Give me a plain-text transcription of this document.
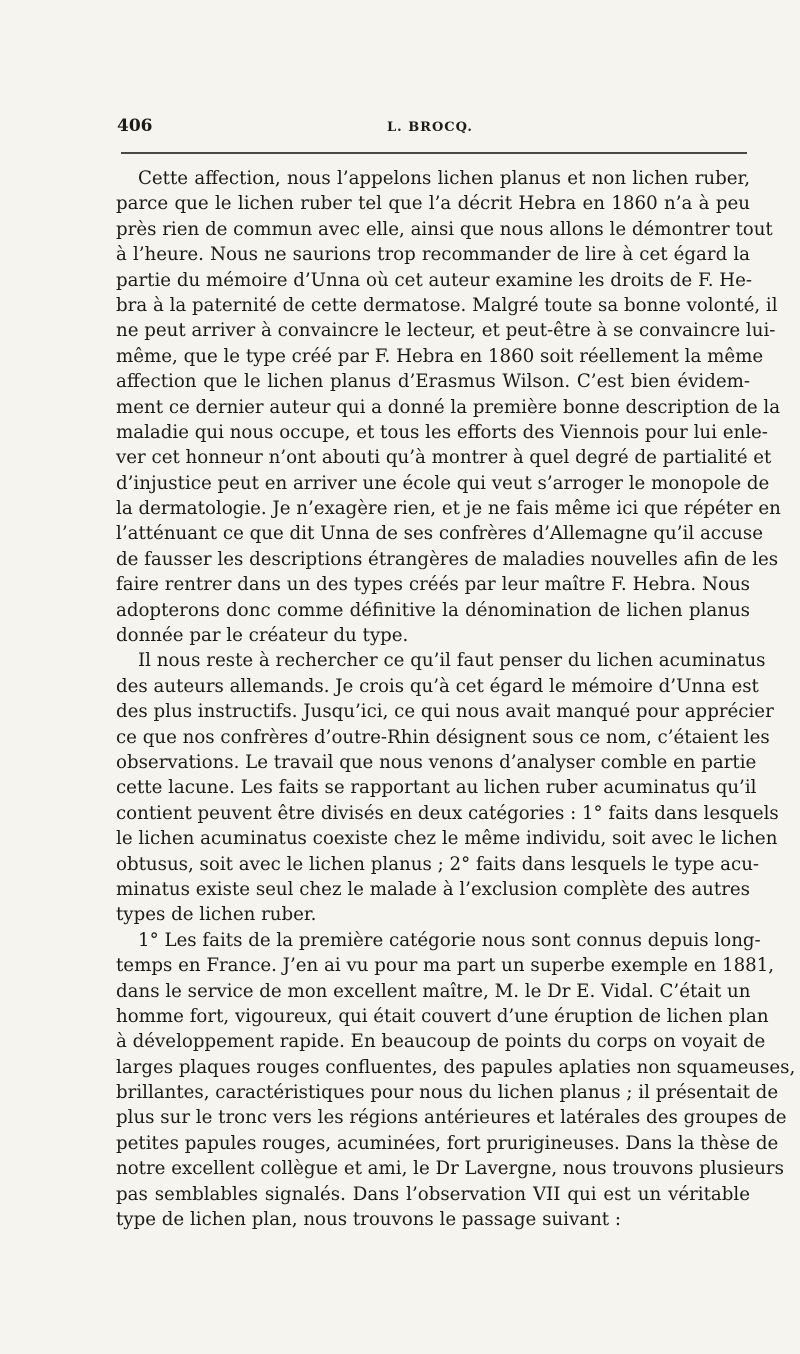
406	L. BROCQ.
Cette affection, nous l’appelons lichen planus et non lichen ruber,
parce que le lichen ruber tel que l’a décrit Hebra en 1860 n’a à peu
près rien de commun avec elle, ainsi que nous allons le démontrer tout
à l’heure. Nous ne saurions trop recommander de lire à cet égard la
partie du mémoire d’Unna où cet auteur examine les droits de F. He-
bra à la paternité de cette dermatose. Malgré toute sa bonne volonté, il
ne peut arriver à convaincre le lecteur, et peut-être à se convaincre lui-
même, que le type créé par F. Hebra en 1860 soit réellement la même
affection que le lichen planus d’Erasmus Wilson. C’est bien évidem-
ment ce dernier auteur qui a donné la première bonne description de la
maladie qui nous occupe, et tous les efforts des Viennois pour lui enle-
ver cet honneur n’ont abouti qu’à montrer à quel degré de partialité et
d’injustice peut en arriver une école qui veut s’arroger le monopole de
la dermatologie. Je n’exagère rien, et je ne fais même ici que répéter en
l’atténuant ce que dit Unna de ses confrères d’Allemagne qu’il accuse
de fausser les descriptions étrangères de maladies nouvelles afin de les
faire rentrer dans un des types créés par leur maître F. Hebra. Nous
adopterons donc comme définitive la dénomination de lichen planus
donnée par le créateur du type.
Il nous reste à rechercher ce qu’il faut penser du lichen acuminatus
des auteurs allemands. Je crois qu’à cet égard le mémoire d’Unna est
des plus instructifs. Jusqu’ici, ce qui nous avait manqué pour apprécier
ce que nos confrères d’outre-Rhin désignent sous ce nom, c’étaient les
observations. Le travail que nous venons d’analyser comble en partie
cette lacune. Les faits se rapportant au lichen ruber acuminatus qu’il
contient peuvent être divisés en deux catégories : 1° faits dans lesquels
le lichen acuminatus coexiste chez le même individu, soit avec le lichen
obtusus, soit avec le lichen planus ; 2° faits dans lesquels le type acu-
minatus existe seul chez le malade à l’exclusion complète des autres
types de lichen ruber.
1° Les faits de la première catégorie nous sont connus depuis long-
temps en France. J’en ai vu pour ma part un superbe exemple en 1881,
dans le service de mon excellent maître, M. le Dr E. Vidal. C’était un
homme fort, vigoureux, qui était couvert d’une éruption de lichen plan
à développement rapide. En beaucoup de points du corps on voyait de
larges plaques rouges confluentes, des papules aplaties non squameuses,
brillantes, caractéristiques pour nous du lichen planus ; il présentait de
plus sur le tronc vers les régions antérieures et latérales des groupes de
petites papules rouges, acuminées, fort prurigineuses. Dans la thèse de
notre excellent collègue et ami, le Dr Lavergne, nous trouvons plusieurs
pas semblables signalés. Dans l’observation VII qui est un véritable
type de lichen plan, nous trouvons le passage suivant :
